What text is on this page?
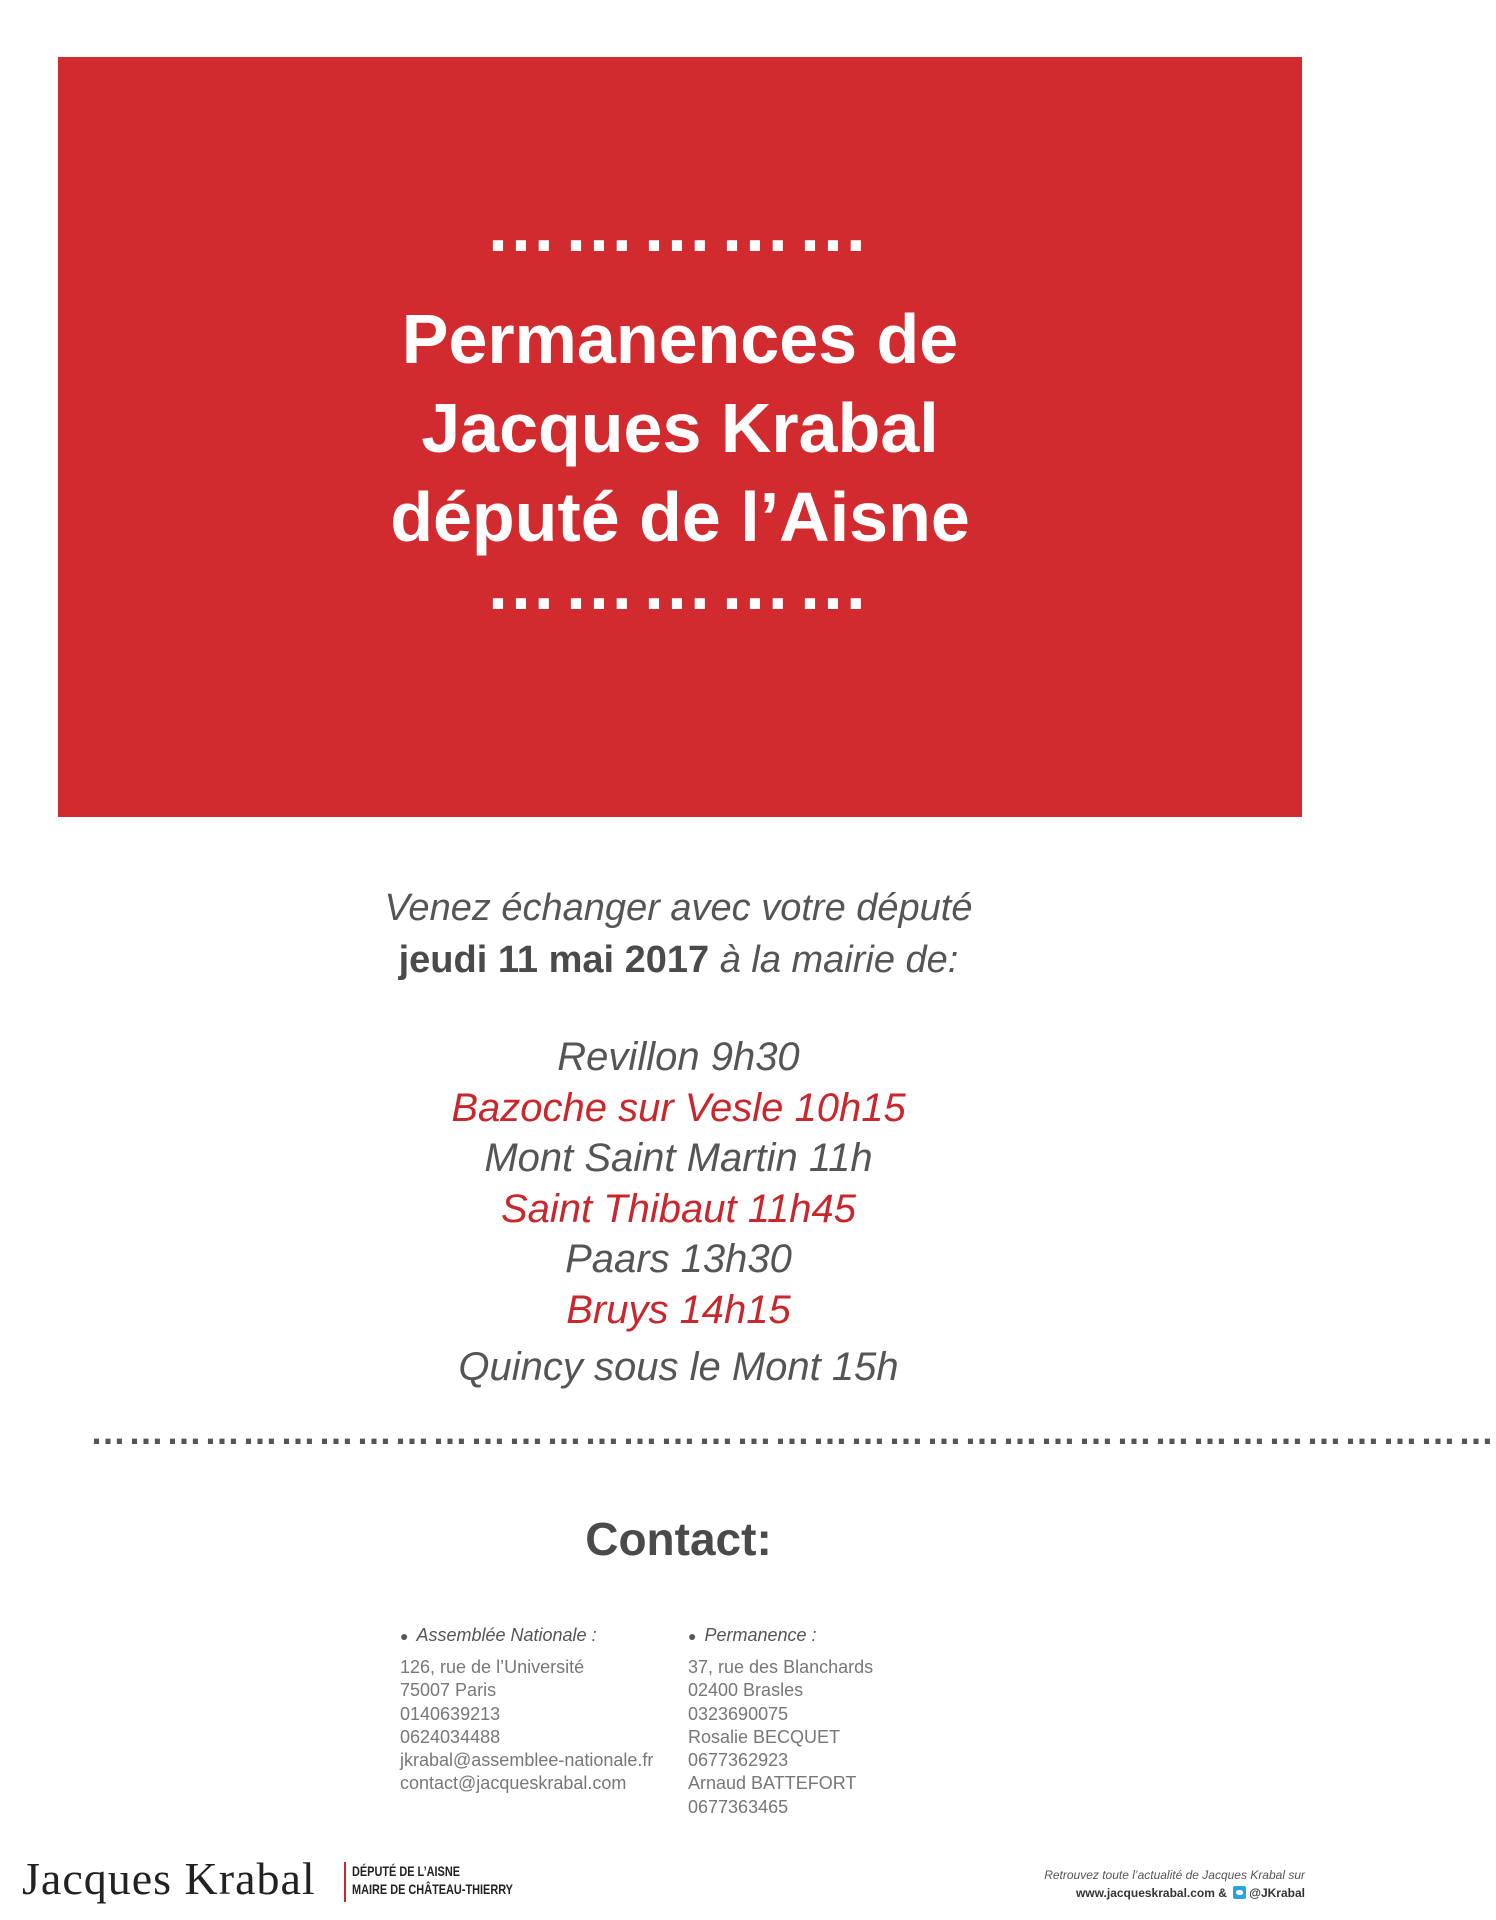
……………
Permanences de
Jacques Krabal
député de l’Aisne
……………
Venez échanger avec votre député
jeudi 11 mai 2017 à la mairie de:
Revillon 9h30
Bazoche sur Vesle 10h15
Mont Saint Martin 11h
Saint Thibaut 11h45
Paars 13h30
Bruys 14h15
Quincy sous le Mont 15h
…………………………………………………………………………………………………
Contact:
● Assemblée Nationale :
126, rue de l’Université
75007 Paris
0140639213
0624034488
jkrabal@assemblee-nationale.fr
contact@jacqueskrabal.com
● Permanence :
37, rue des Blanchards
02400 Brasles
0323690075
Rosalie BECQUET
0677362923
Arnaud BATTEFORT
0677363465
Jacques Krabal	DÉPUTÉ DE L’AISNE
MAIRE DE CHÂTEAU-THIERRY
Retrouvez toute l’actualité de Jacques Krabal sur
www.jacqueskrabal.com & @JKrabal
